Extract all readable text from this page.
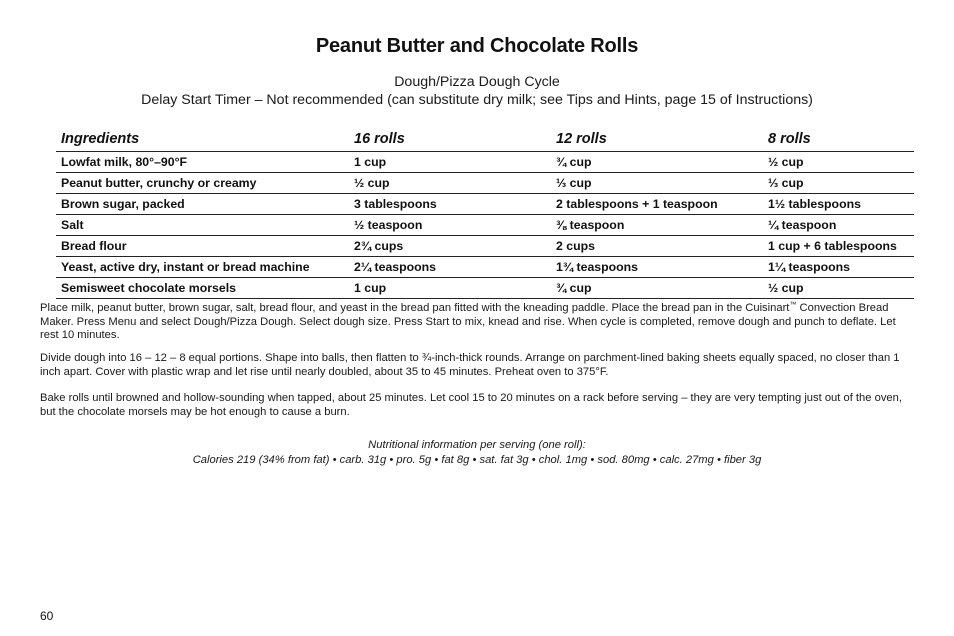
Peanut Butter and Chocolate Rolls
Dough/Pizza Dough Cycle
Delay Start Timer – Not recommended (can substitute dry milk; see Tips and Hints, page 15 of Instructions)
Ingredients	16 rolls	12 rolls	8 rolls
Lowfat milk, 80°–90°F	1 cup	¾ cup	½ cup
Peanut butter, crunchy or creamy	½ cup	⅓ cup	⅓ cup
Brown sugar, packed	3 tablespoons	2 tablespoons + 1 teaspoon	1½ tablespoons
Salt	½ teaspoon	⅜ teaspoon	¼ teaspoon
Bread flour	2¾ cups	2 cups	1 cup + 6 tablespoons
Yeast, active dry, instant or bread machine	2¼ teaspoons	1¾ teaspoons	1¼ teaspoons
Semisweet chocolate morsels	1 cup	¾ cup	½ cup
Place milk, peanut butter, brown sugar, salt, bread flour, and yeast in the bread pan fitted with the kneading paddle. Place the bread pan in the Cuisinart™ Convection Bread Maker. Press Menu and select Dough/Pizza Dough. Select dough size. Press Start to mix, knead and rise. When cycle is completed, remove dough and punch to deflate. Let rest 10 minutes.
Divide dough into 16 – 12 – 8 equal portions. Shape into balls, then flatten to ¾-inch-thick rounds. Arrange on parchment-lined baking sheets equally spaced, no closer than 1 inch apart. Cover with plastic wrap and let rise until nearly doubled, about 35 to 45 minutes. Preheat oven to 375°F.
Bake rolls until browned and hollow-sounding when tapped, about 25 minutes. Let cool 15 to 20 minutes on a rack before serving – they are very tempting just out of the oven, but the chocolate morsels may be hot enough to cause a burn.
Nutritional information per serving (one roll):
Calories 219 (34% from fat) • carb. 31g • pro. 5g • fat 8g • sat. fat 3g • chol. 1mg • sod. 80mg • calc. 27mg • fiber 3g
60
